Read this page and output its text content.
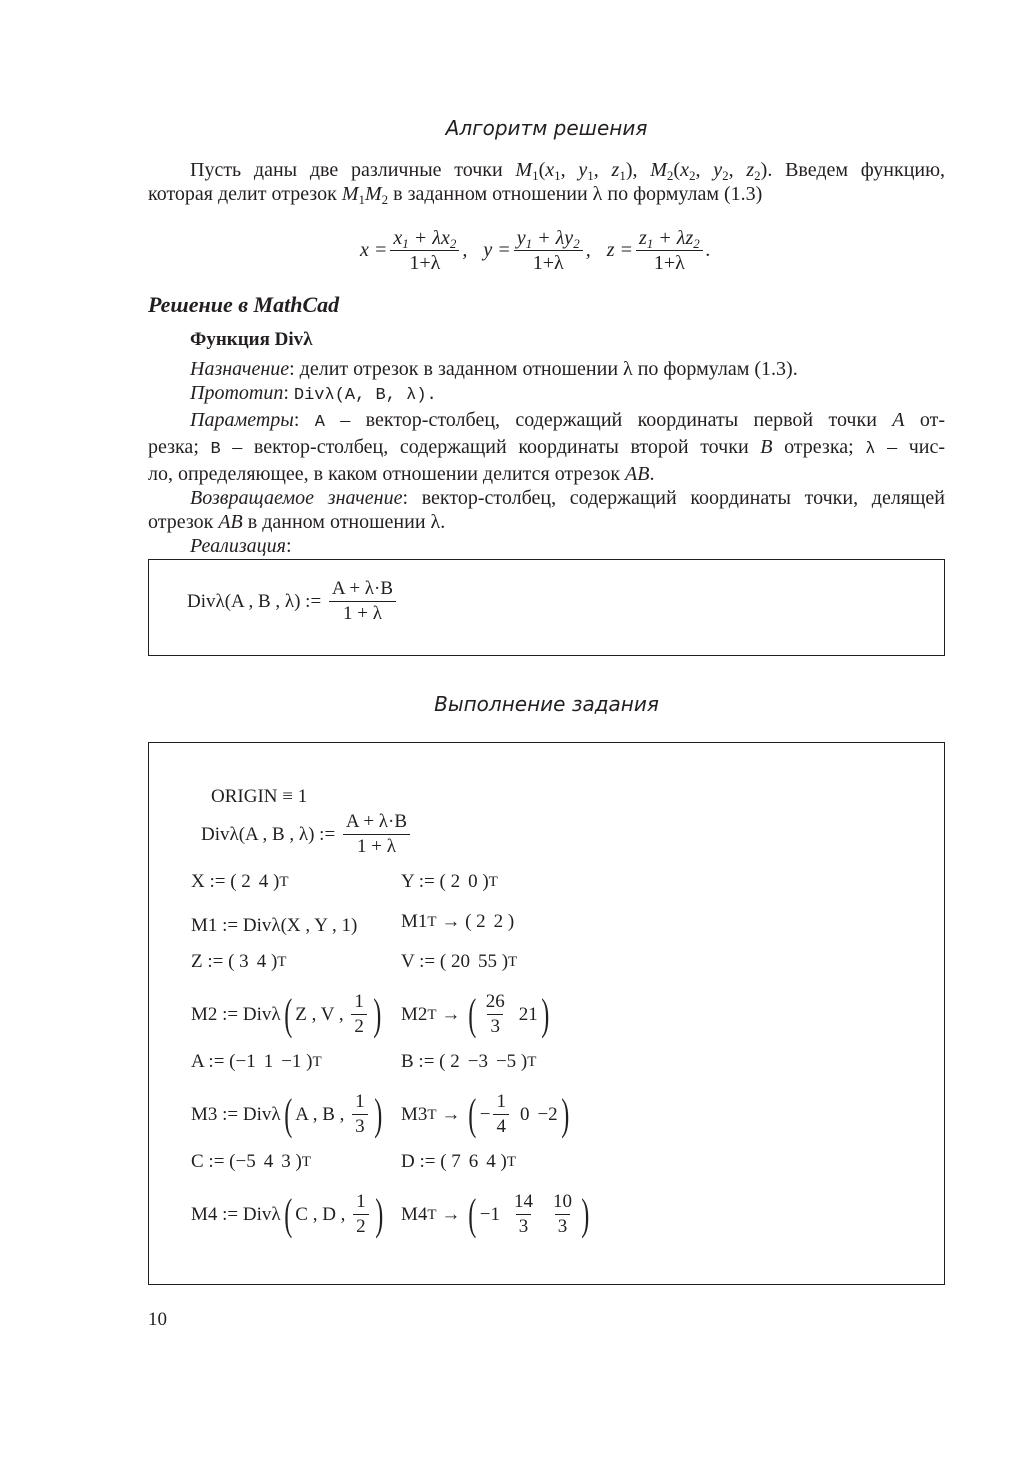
Алгоритм решения
Пусть даны две различные точки $M_1(x_1$, $y_1$, $z_1$), $M_2(x_2$, $y_2$, $z_2$). Введем функцию,
которая делит отрезок $M_1M_2$ в заданном отношении λ по формулам (1.3)
$x = \frac{x_1 + \lambda x_2}{1+\lambda}$ , $y = \frac{y_1 + \lambda y_2}{1+\lambda}$ , $z = \frac{z_1 + \lambda z_2}{1+\lambda}$ .
Решение в MathCad
Функция Divλ
Назначение: делит отрезок в заданном отношении λ по формулам (1.3).
Прототип: Divλ(A, B, λ).
Параметры: A – вектор-столбец, содержащий координаты первой точки A от-
резка; B – вектор-столбец, содержащий координаты второй точки B отрезка; λ – чис-
ло, определяющее, в каком отношении делится отрезок AB.
Возвращаемое значение: вектор-столбец, содержащий координаты точки, делящей
отрезок AB в данном отношении λ.
Реализация:
Divλ(A , B , λ) := $\frac{A + \lambda\cdot B}{1 + \lambda}$
Выполнение задания
ORIGIN ≡ 1
Divλ(A , B , λ) := $\frac{A + \lambda\cdot B}{1 + \lambda}$
X := ( 2
4 ) T	Y := ( 2
0 ) T
M1 := Divλ(X , Y , 1) M1 T → ( 2
2 )
Z := ( 3
4 ) T	V := ( 20
55 ) T
M2 := Divλ ( Z , V , $\frac{1}{2}$ ) M2 T → ( $\frac{26}{3} 21$ )
A := (−1
1
−1 ) T	B := ( 2
−3
−5 ) T
M3 := Divλ ( A , B , $\frac{1}{3}$ ) M3 T → ( − $\frac{1}{4} 0$
−2 )
C := (−5
4
3 ) T	D := ( 7
6
4 ) T
M4 := Divλ ( C , D , $\frac{1}{2}$ ) M4 T → ( $-1 \frac{14}{3} \frac{10}{3}$ )
10
